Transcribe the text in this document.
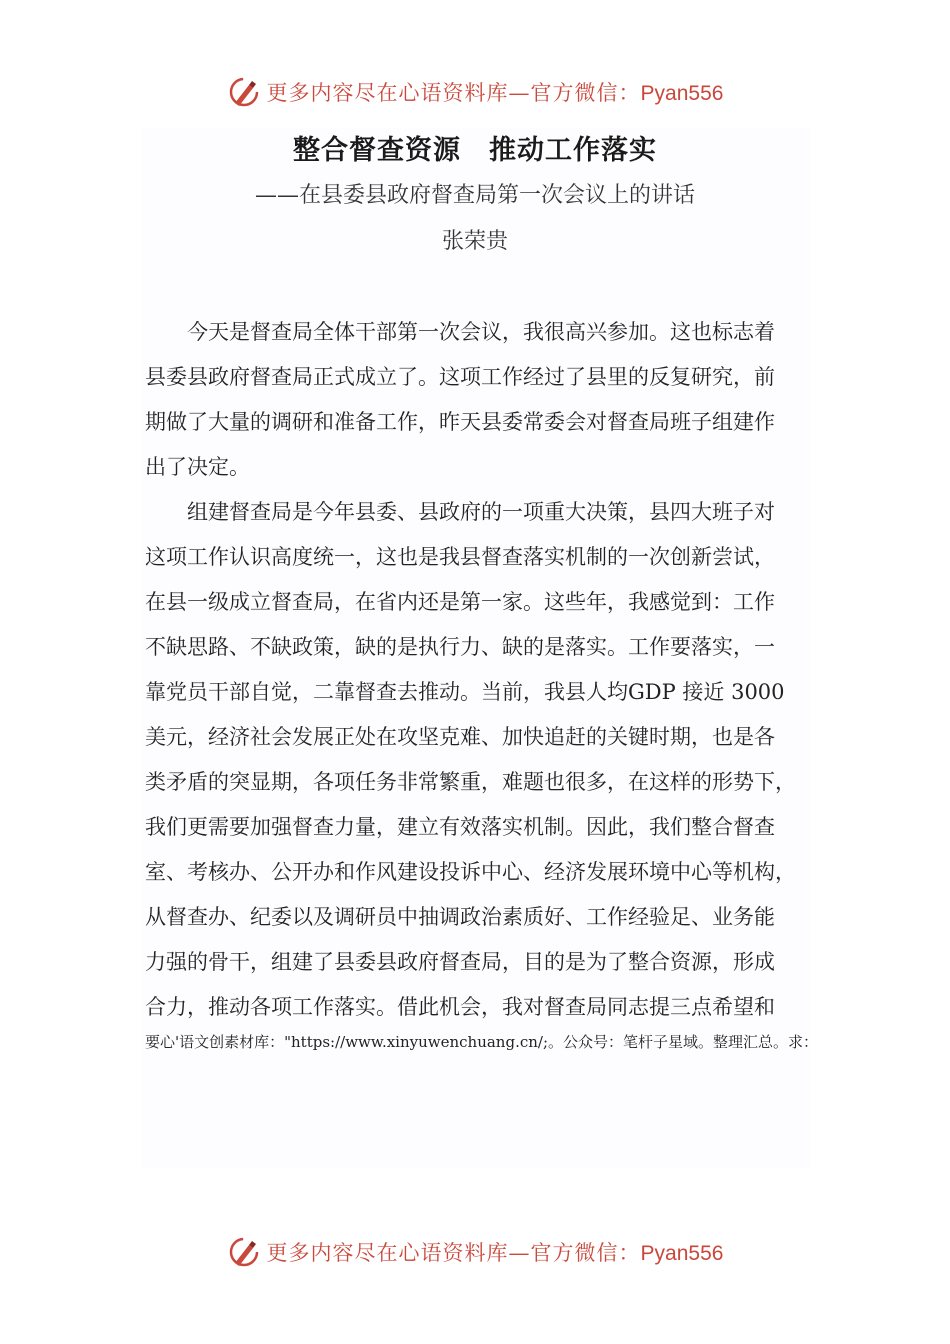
更多内容尽在心语资料库—官方微信：Pyan556
整合督查资源　推动工作落实
——在县委县政府督查局第一次会议上的讲话
张荣贵

今天是督查局全体干部第一次会议，我很高兴参加。这也标志着
县委县政府督查局正式成立了。这项工作经过了县里的反复研究，前
期做了大量的调研和准备工作，昨天县委常委会对督查局班子组建作
出了决定。

组建督查局是今年县委、县政府的一项重大决策，县四大班子对
这项工作认识高度统一，这也是我县督查落实机制的一次创新尝试，
在县一级成立督查局，在省内还是第一家。这些年，我感觉到：工作
不缺思路、不缺政策，缺的是执行力、缺的是落实。工作要落实，一
靠党员干部自觉，二靠督查去推动。当前，我县人均GDP 接近 3000
美元，经济社会发展正处在攻坚克难、加快追赶的关键时期，也是各
类矛盾的突显期，各项任务非常繁重，难题也很多，在这样的形势下，
我们更需要加强督查力量，建立有效落实机制。因此，我们整合督查
室、考核办、公开办和作风建设投诉中心、经济发展环境中心等机构，
从督查办、纪委以及调研员中抽调政治素质好、工作经验足、业务能
力强的骨干，组建了县委县政府督查局，目的是为了整合资源，形成
合力，推动各项工作落实。借此机会，我对督查局同志提三点希望和

要心'语文创素材库："https://www.xinyuwenchuang.cn/;。公众号：笔杆子星域。整理汇总。求：
更多内容尽在心语资料库—官方微信：Pyan556
